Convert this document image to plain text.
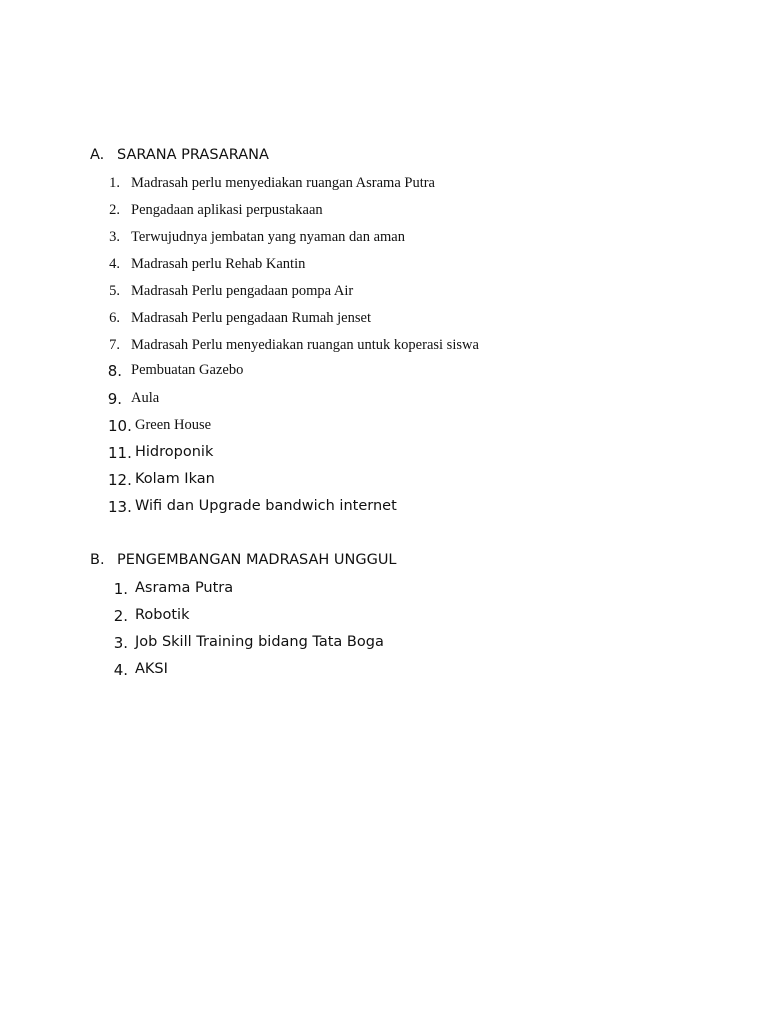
A. SARANA PRASARANA
1. Madrasah perlu menyediakan ruangan Asrama Putra
2. Pengadaan aplikasi perpustakaan
3. Terwujudnya jembatan yang nyaman dan aman
4. Madrasah perlu Rehab Kantin
5. Madrasah Perlu pengadaan pompa Air
6. Madrasah Perlu pengadaan Rumah jenset
7. Madrasah Perlu menyediakan ruangan untuk koperasi siswa
8. Pembuatan Gazebo
9. Aula
10. Green House
11. Hidroponik
12. Kolam Ikan
13. Wifi dan Upgrade bandwich internet
B. PENGEMBANGAN MADRASAH UNGGUL
1. Asrama Putra
2. Robotik
3. Job Skill Training bidang Tata Boga
4. AKSI
